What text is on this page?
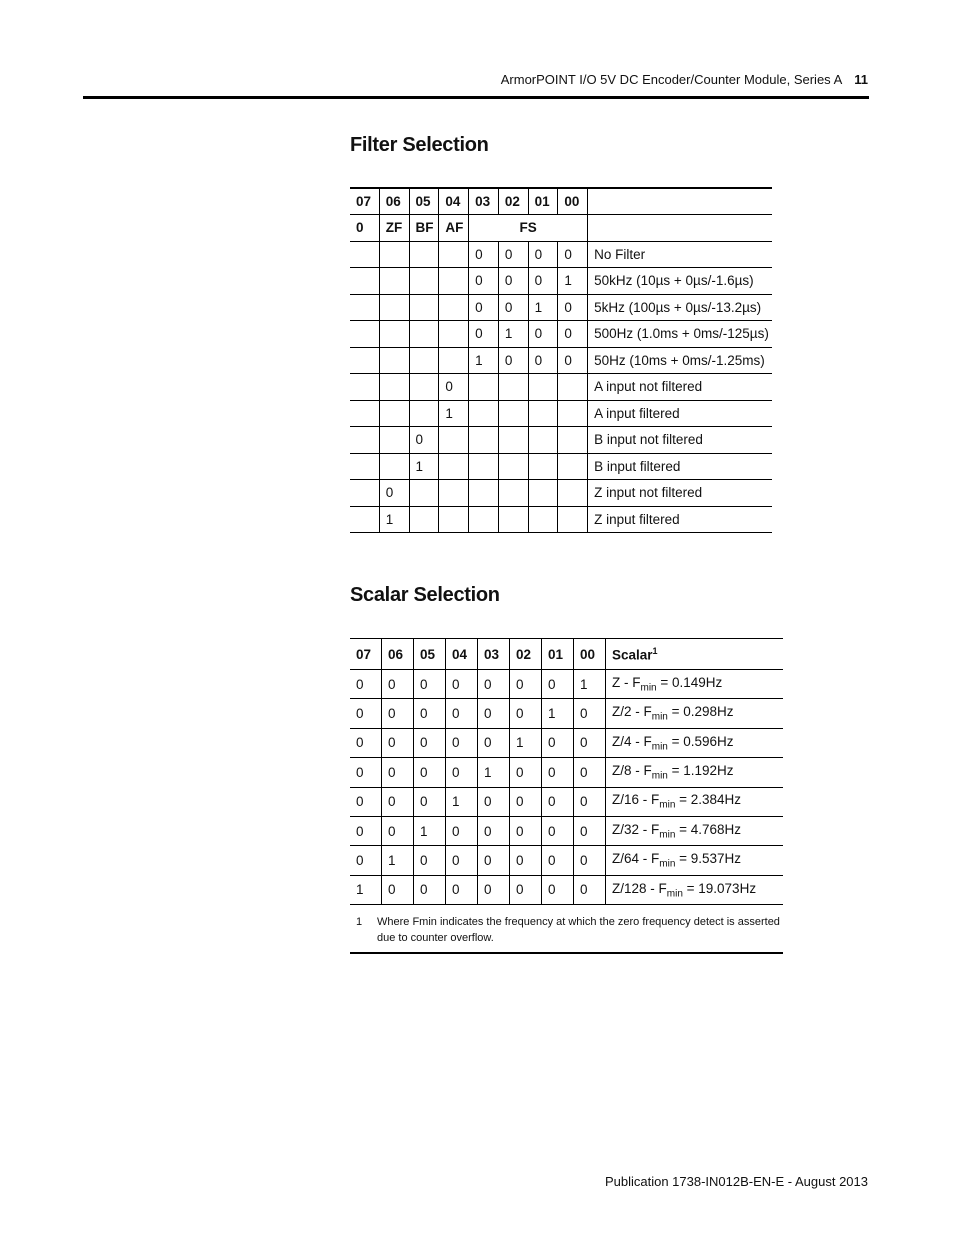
ArmorPOINT I/O 5V DC Encoder/Counter Module, Series A 11
Filter Selection
07	06	05	04	03	02	01	00	
0	ZF	BF	AF	FS				
				0	0	0	0	No Filter
				0	0	0	1	50kHz (10µs + 0µs/-1.6µs)
				0	0	1	0	5kHz (100µs + 0µs/-13.2µs)
				0	1	0	0	500Hz (1.0ms + 0ms/-125µs)
				1	0	0	0	50Hz (10ms + 0ms/-1.25ms)
			0					A input not filtered
			1					A input filtered
		0						B input not filtered
		1						B input filtered
	0							Z input not filtered
	1							Z input filtered
Scalar Selection
07	06	05	04	03	02	01	00	Scalar$^1$
0	0	0	0	0	0	0	1	$Z - F_{min} = 0.149Hz$
0	0	0	0	0	0	1	0	$Z/2 - F_{min} = 0.298Hz$
0	0	0	0	0	1	0	0	$Z/4 - F_{min} = 0.596Hz$
0	0	0	0	1	0	0	0	$Z/8 - F_{min} = 1.192Hz$
0	0	0	1	0	0	0	0	$Z/16 - F_{min} = 2.384Hz$
0	0	1	0	0	0	0	0	$Z/32 - F_{min} = 4.768Hz$
0	1	0	0	0	0	0	0	$Z/64 - F_{min} = 9.537Hz$
1	0	0	0	0	0	0	0	$Z/128 - F_{min} = 19.073Hz$
1 Where Fmin indicates the frequency at which the zero frequency detect is asserted due to counter overflow.
Publication 1738-IN012B-EN-E - August 2013
